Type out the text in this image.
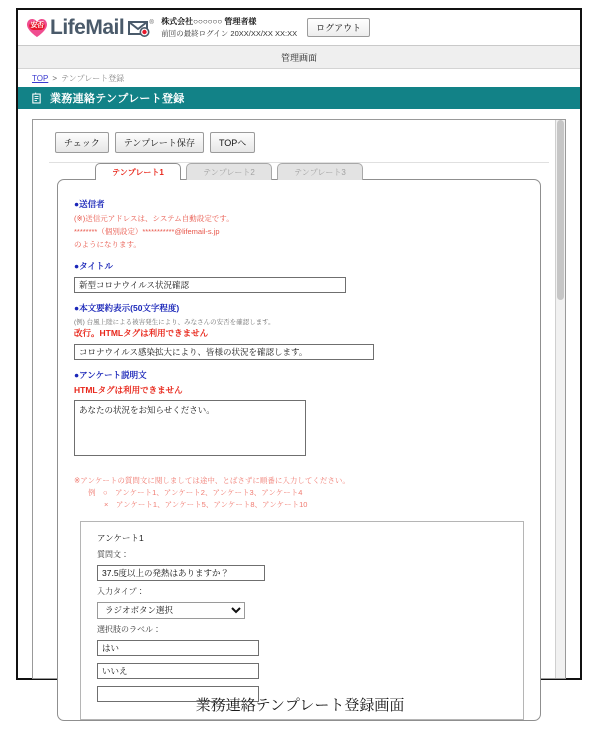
安否 LifeMail	® 株式会社○○○○○○ 管理者様
前回の最終ログイン 20XX/XX/XX XX:XX	ログアウト
管理画面
TOP > テンプレート登録
業務連絡テンプレート登録
チェック	テンプレート保存	TOPへ
テンプレート1	テンプレート2	テンプレート3
●送信者
(※)送信元アドレスは、システム自動設定です。
********（個別設定）***********@lifemail-s.jp
のようになります。
●タイトル
新型コロナウイルス状況確認
●本文要約表示(50文字程度)
(例) 台風上陸による被害発生により、みなさんの安否を確認します。
改行。HTMLタグは利用できません
コロナウイルス感染拡大により、皆様の状況を確認します。
●アンケート説明文
HTMLタグは利用できません
あなたの状況をお知らせください。
※アンケートの質問文に関しましては途中、とばさずに順番に入力してください。
例　○　アンケート1、アンケート2、アンケート3、アンケート4
×　アンケート1、アンケート5、アンケート8、アンケート10
アンケート1
質問文：
37.5度以上の発熱はありますか？
入力タイプ：
ラジオボタン選択
選択肢のラベル：
はい
いいえ
業務連絡テンプレート登録画面
